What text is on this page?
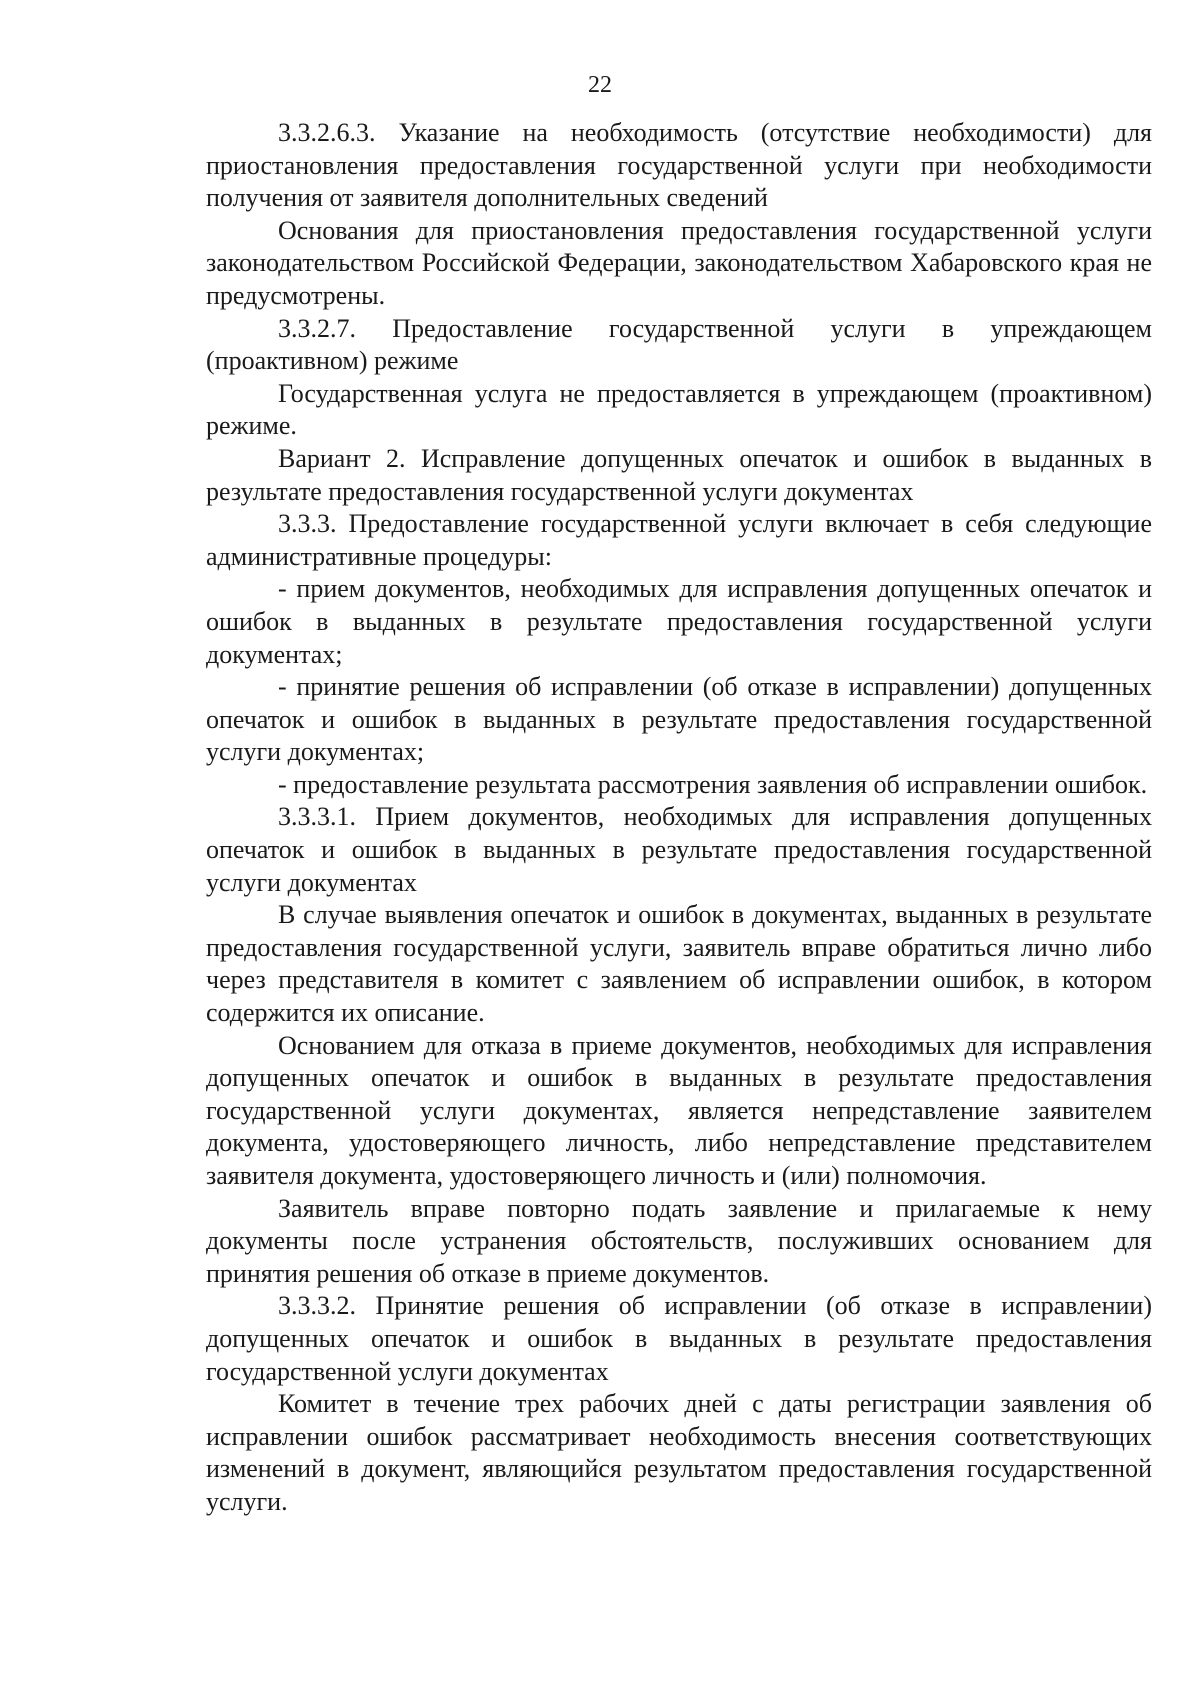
22

3.3.2.6.3. Указание на необходимость (отсутствие необходимости) для приостановления предоставления государственной услуги при необходимости получения от заявителя дополнительных сведений

Основания для приостановления предоставления государственной услуги законодательством Российской Федерации, законодательством Хабаровского края не предусмотрены.

3.3.2.7. Предоставление государственной услуги в упреждающем (проактивном) режиме

Государственная услуга не предоставляется в упреждающем (проактивном) режиме.

Вариант 2. Исправление допущенных опечаток и ошибок в выданных в результате предоставления государственной услуги документах

3.3.3. Предоставление государственной услуги включает в себя следующие административные процедуры:

- прием документов, необходимых для исправления допущенных опечаток и ошибок в выданных в результате предоставления государственной услуги документах;

- принятие решения об исправлении (об отказе в исправлении) допущенных опечаток и ошибок в выданных в результате предоставления государственной услуги документах;

- предоставление результата рассмотрения заявления об исправлении ошибок.

3.3.3.1. Прием документов, необходимых для исправления допущенных опечаток и ошибок в выданных в результате предоставления государственной услуги документах

В случае выявления опечаток и ошибок в документах, выданных в результате предоставления государственной услуги, заявитель вправе обратиться лично либо через представителя в комитет с заявлением об исправлении ошибок, в котором содержится их описание.

Основанием для отказа в приеме документов, необходимых для исправления допущенных опечаток и ошибок в выданных в результате предоставления государственной услуги документах, является непредставление заявителем документа, удостоверяющего личность, либо непредставление представителем заявителя документа, удостоверяющего личность и (или) полномочия.

Заявитель вправе повторно подать заявление и прилагаемые к нему документы после устранения обстоятельств, послуживших основанием для принятия решения об отказе в приеме документов.

3.3.3.2. Принятие решения об исправлении (об отказе в исправлении) допущенных опечаток и ошибок в выданных в результате предоставления государственной услуги документах

Комитет в течение трех рабочих дней с даты регистрации заявления об исправлении ошибок рассматривает необходимость внесения соответствующих изменений в документ, являющийся результатом предоставления государственной услуги.
